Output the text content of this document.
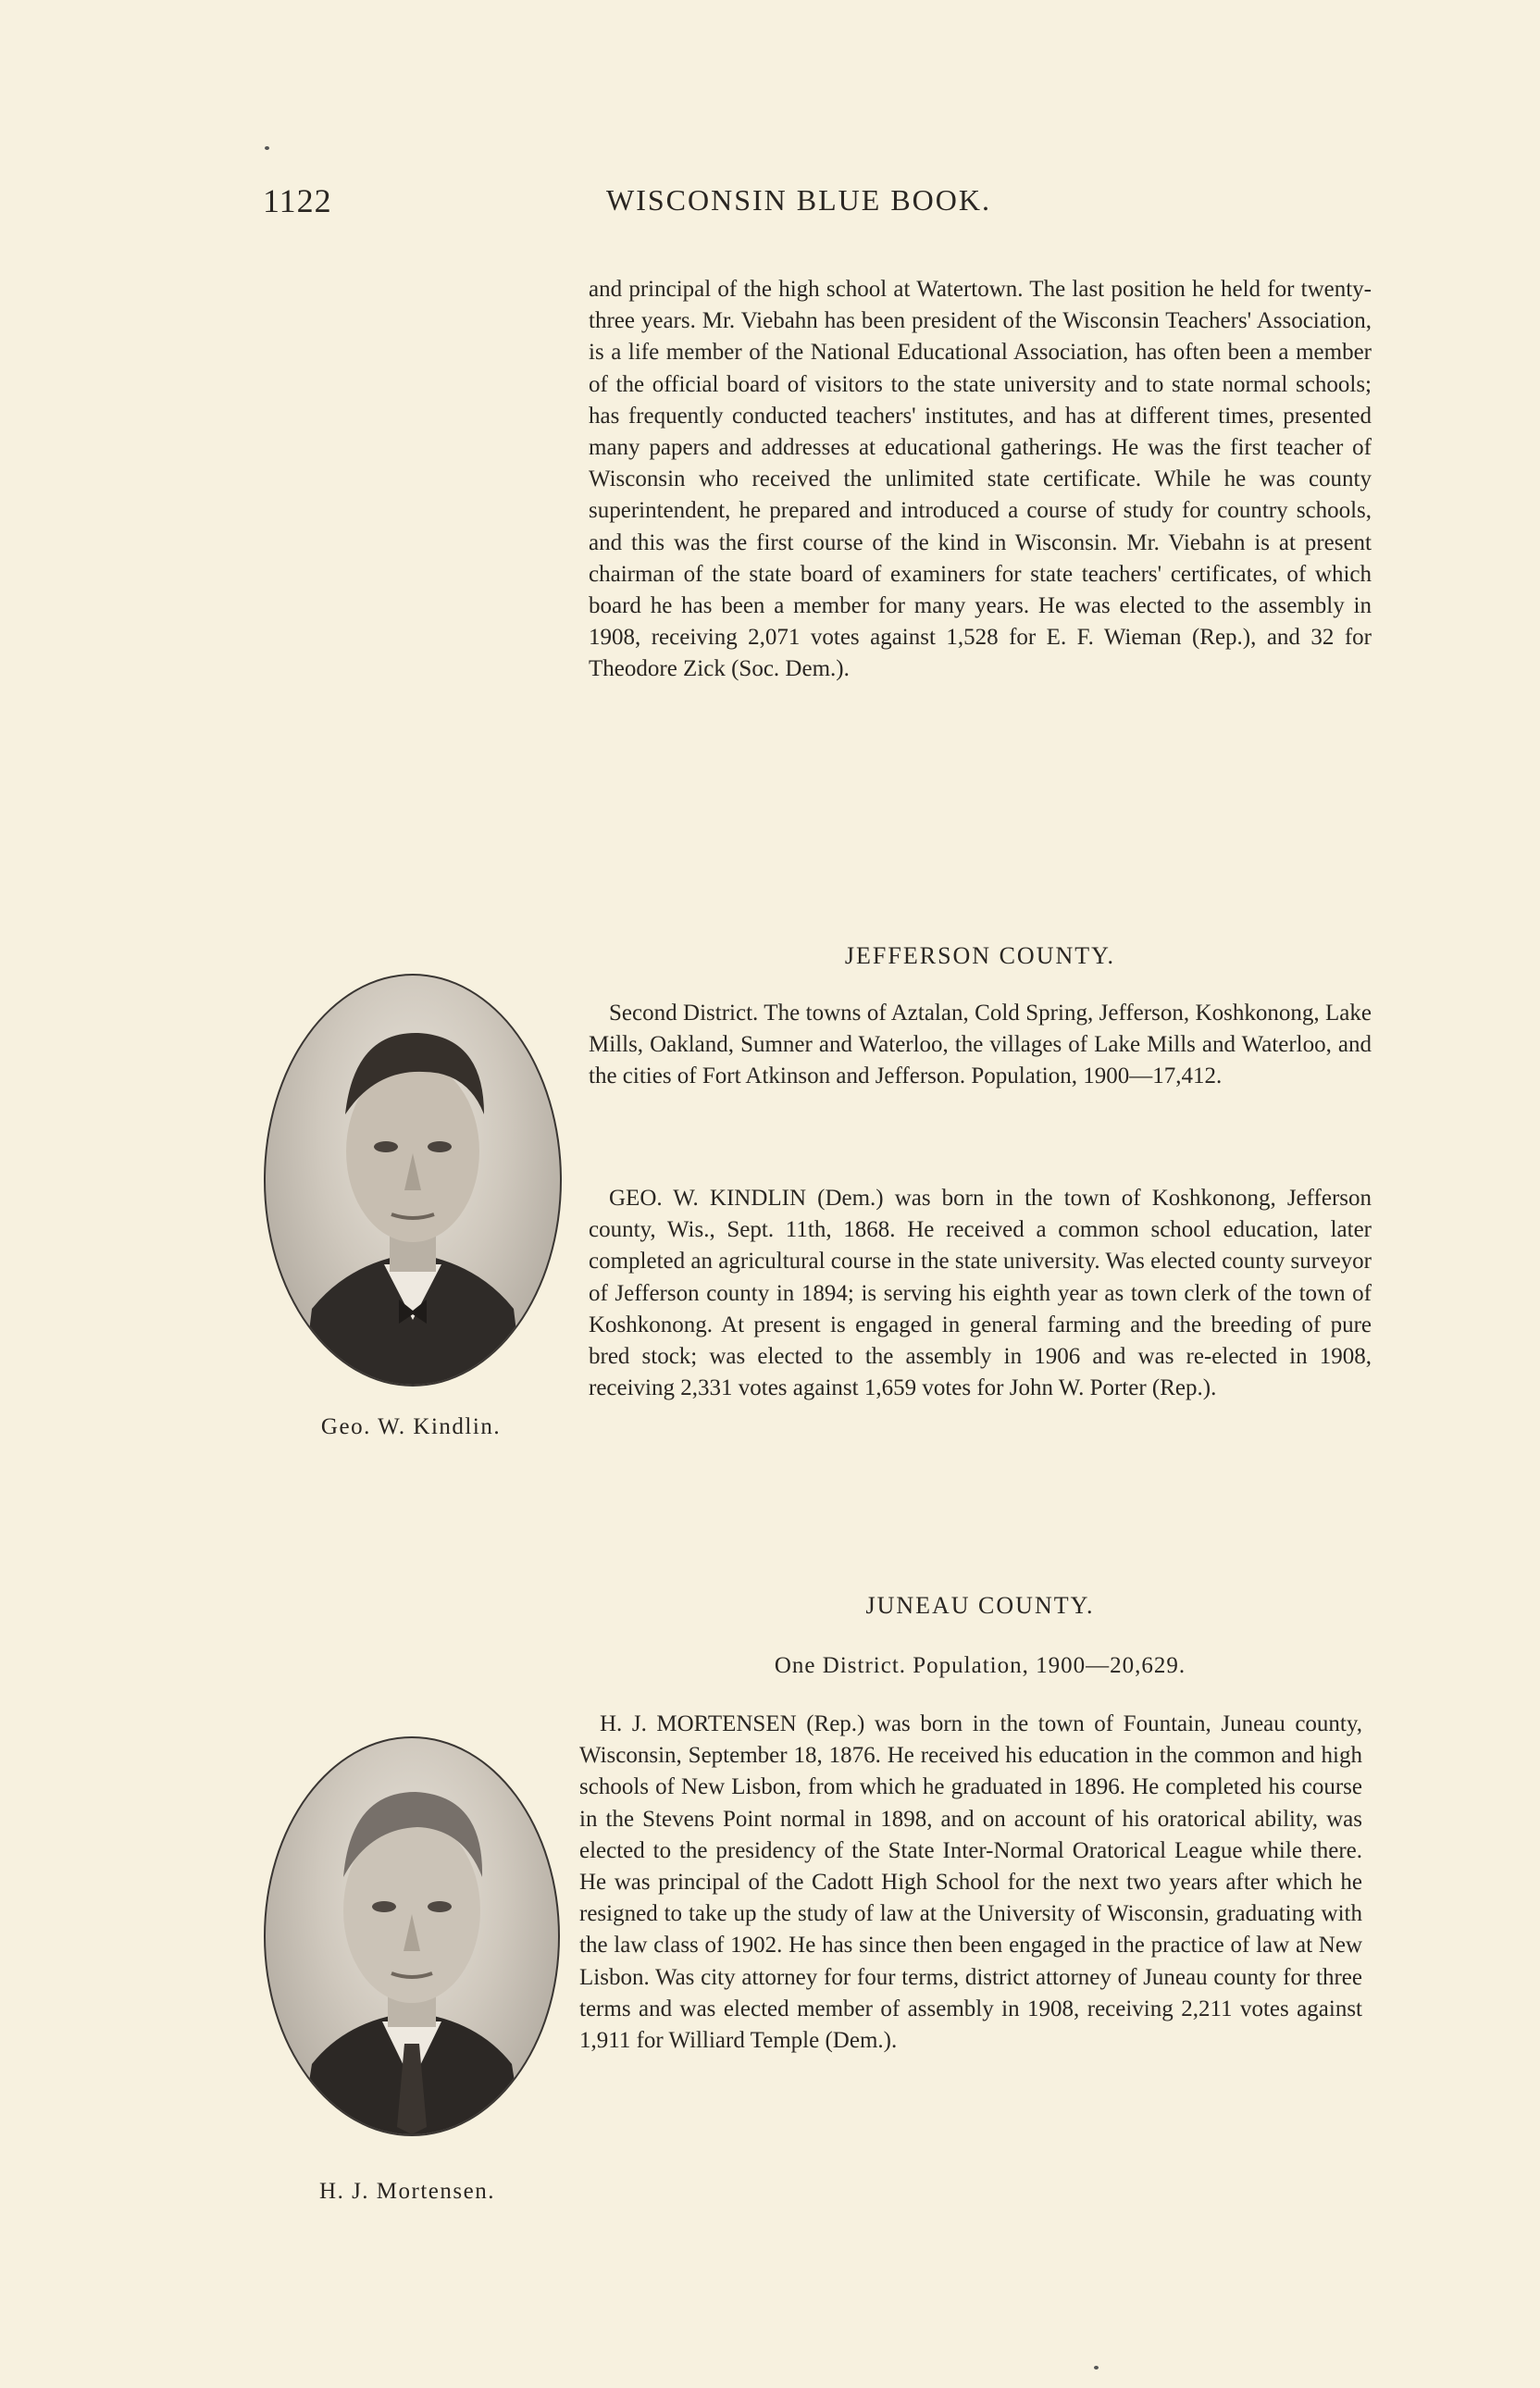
1122	WISCONSIN BLUE BOOK.

and principal of the high school at Watertown. The last position he held for twenty-three years. Mr. Viebahn has been president of the Wisconsin Teachers' Association, is a life member of the National Educational Association, has often been a member of the official board of visitors to the state university and to state normal schools; has frequently conducted teachers' institutes, and has at different times, presented many papers and addresses at educational gatherings. He was the first teacher of Wisconsin who received the unlimited state certificate. While he was county superintendent, he prepared and introduced a course of study for country schools, and this was the first course of the kind in Wisconsin. Mr. Viebahn is at present chairman of the state board of examiners for state teachers' certificates, of which board he has been a member for many years. He was elected to the assembly in 1908, receiving 2,071 votes against 1,528 for E. F. Wieman (Rep.), and 32 for Theodore Zick (Soc. Dem.).

JEFFERSON COUNTY.

Second District. The towns of Aztalan, Cold Spring, Jefferson, Koshkonong, Lake Mills, Oakland, Sumner and Waterloo, the villages of Lake Mills and Waterloo, and the cities of Fort Atkinson and Jefferson. Population, 1900—17,412.

GEO. W. KINDLIN (Dem.) was born in the town of Koshkonong, Jefferson county, Wis., Sept. 11th, 1868. He received a common school education, later completed an agricultural course in the state university. Was elected county surveyor of Jefferson county in 1894; is serving his eighth year as town clerk of the town of Koshkonong. At present is engaged in general farming and the breeding of pure bred stock; was elected to the assembly in 1906 and was re-elected in 1908, receiving 2,331 votes against 1,659 votes for John W. Porter (Rep.).

Geo. W. Kindlin.

JUNEAU COUNTY.

One District. Population, 1900—20,629.

H. J. MORTENSEN (Rep.) was born in the town of Fountain, Juneau county, Wisconsin, September 18, 1876. He received his education in the common and high schools of New Lisbon, from which he graduated in 1896. He completed his course in the Stevens Point normal in 1898, and on account of his oratorical ability, was elected to the presidency of the State Inter-Normal Oratorical League while there. He was principal of the Cadott High School for the next two years after which he resigned to take up the study of law at the University of Wisconsin, graduating with the law class of 1902. He has since then been engaged in the practice of law at New Lisbon. Was city attorney for four terms, district attorney of Juneau county for three terms and was elected member of assembly in 1908, receiving 2,211 votes against 1,911 for Williard Temple (Dem.).

H. J. Mortensen.
